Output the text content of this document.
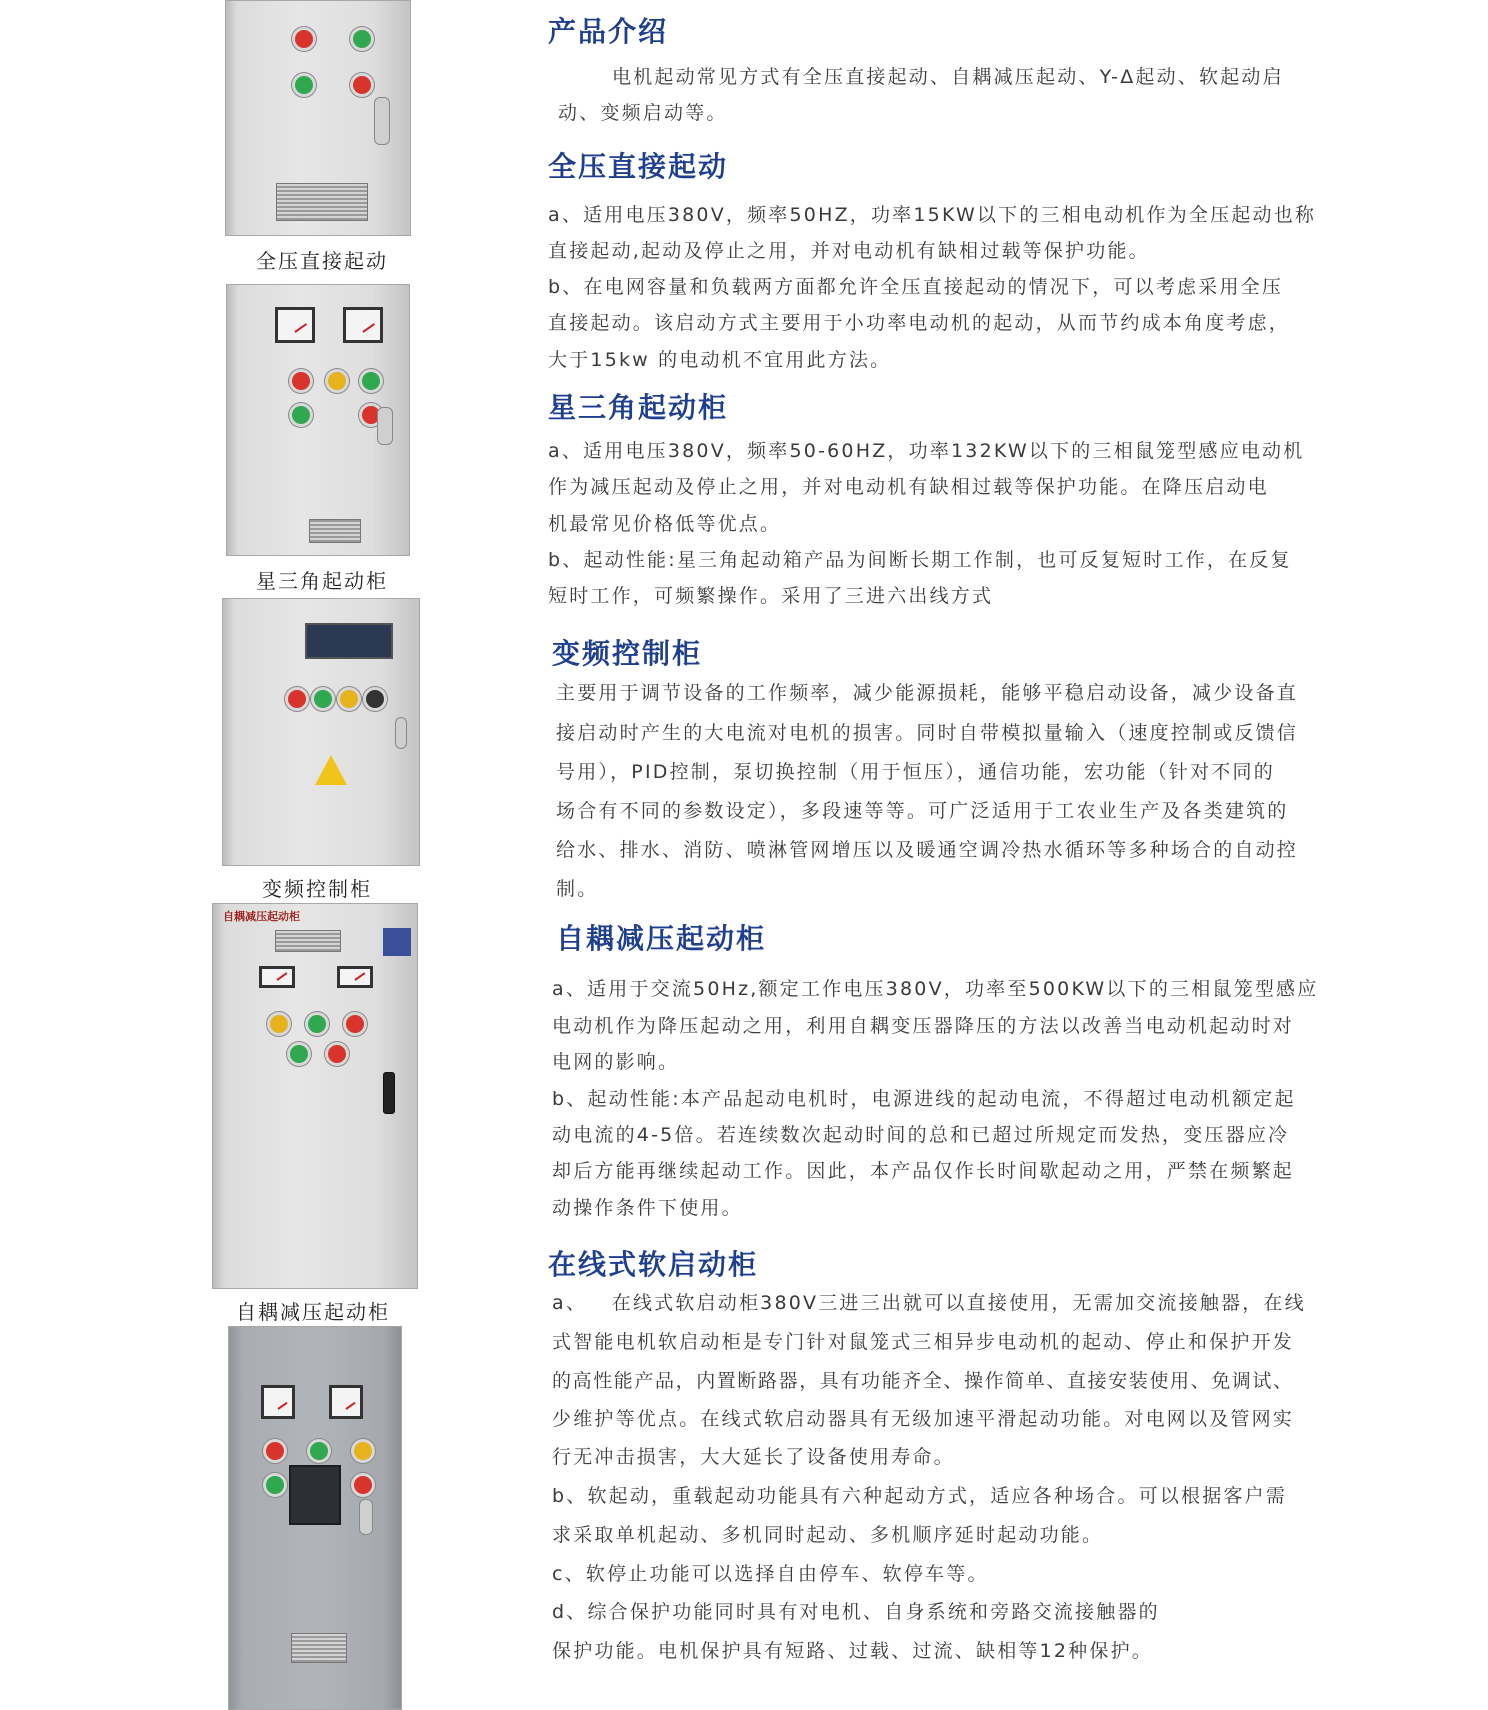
全压直接起动
星三角起动柜
变频控制柜
自耦减压起动柜
自耦减压起动柜
产品介绍
电机起动常见方式有全压直接起动、自耦减压起动、Y-Δ起动、软起动启
动、变频启动等。
全压直接起动
a、适用电压380V，频率50HZ，功率15KW以下的三相电动机作为全压起动也称
直接起动,起动及停止之用，并对电动机有缺相过载等保护功能。
b、在电网容量和负载两方面都允许全压直接起动的情况下，可以考虑采用全压
直接起动。该启动方式主要用于小功率电动机的起动，从而节约成本角度考虑，
大于15kw 的电动机不宜用此方法。
星三角起动柜
a、适用电压380V，频率50-60HZ，功率132KW以下的三相鼠笼型感应电动机
作为减压起动及停止之用，并对电动机有缺相过载等保护功能。在降压启动电
机最常见价格低等优点。
b、起动性能:星三角起动箱产品为间断长期工作制，也可反复短时工作，在反复
短时工作，可频繁操作。采用了三进六出线方式
变频控制柜
主要用于调节设备的工作频率，减少能源损耗，能够平稳启动设备，减少设备直
接启动时产生的大电流对电机的损害。同时自带模拟量输入（速度控制或反馈信
号用），PID控制，泵切换控制（用于恒压），通信功能，宏功能（针对不同的
场合有不同的参数设定），多段速等等。可广泛适用于工农业生产及各类建筑的
给水、排水、消防、喷淋管网增压以及暖通空调冷热水循环等多种场合的自动控
制。
自耦减压起动柜
a、适用于交流50Hz,额定工作电压380V，功率至500KW以下的三相鼠笼型感应
电动机作为降压起动之用，利用自耦变压器降压的方法以改善当电动机起动时对
电网的影响。
b、起动性能:本产品起动电机时，电源进线的起动电流，不得超过电动机额定起
动电流的4-5倍。若连续数次起动时间的总和已超过所规定而发热，变压器应冷
却后方能再继续起动工作。因此，本产品仅作长时间歇起动之用，严禁在频繁起
动操作条件下使用。
在线式软启动柜
a、   在线式软启动柜380V三进三出就可以直接使用，无需加交流接触器，在线
式智能电机软启动柜是专门针对鼠笼式三相异步电动机的起动、停止和保护开发
的高性能产品，内置断路器，具有功能齐全、操作简单、直接安装使用、免调试、
少维护等优点。在线式软启动器具有无级加速平滑起动功能。对电网以及管网实
行无冲击损害，大大延长了设备使用寿命。
b、软起动，重载起动功能具有六种起动方式，适应各种场合。可以根据客户需
求采取单机起动、多机同时起动、多机顺序延时起动功能。
c、软停止功能可以选择自由停车、软停车等。
d、综合保护功能同时具有对电机、自身系统和旁路交流接触器的
保护功能。电机保护具有短路、过载、过流、缺相等12种保护。
